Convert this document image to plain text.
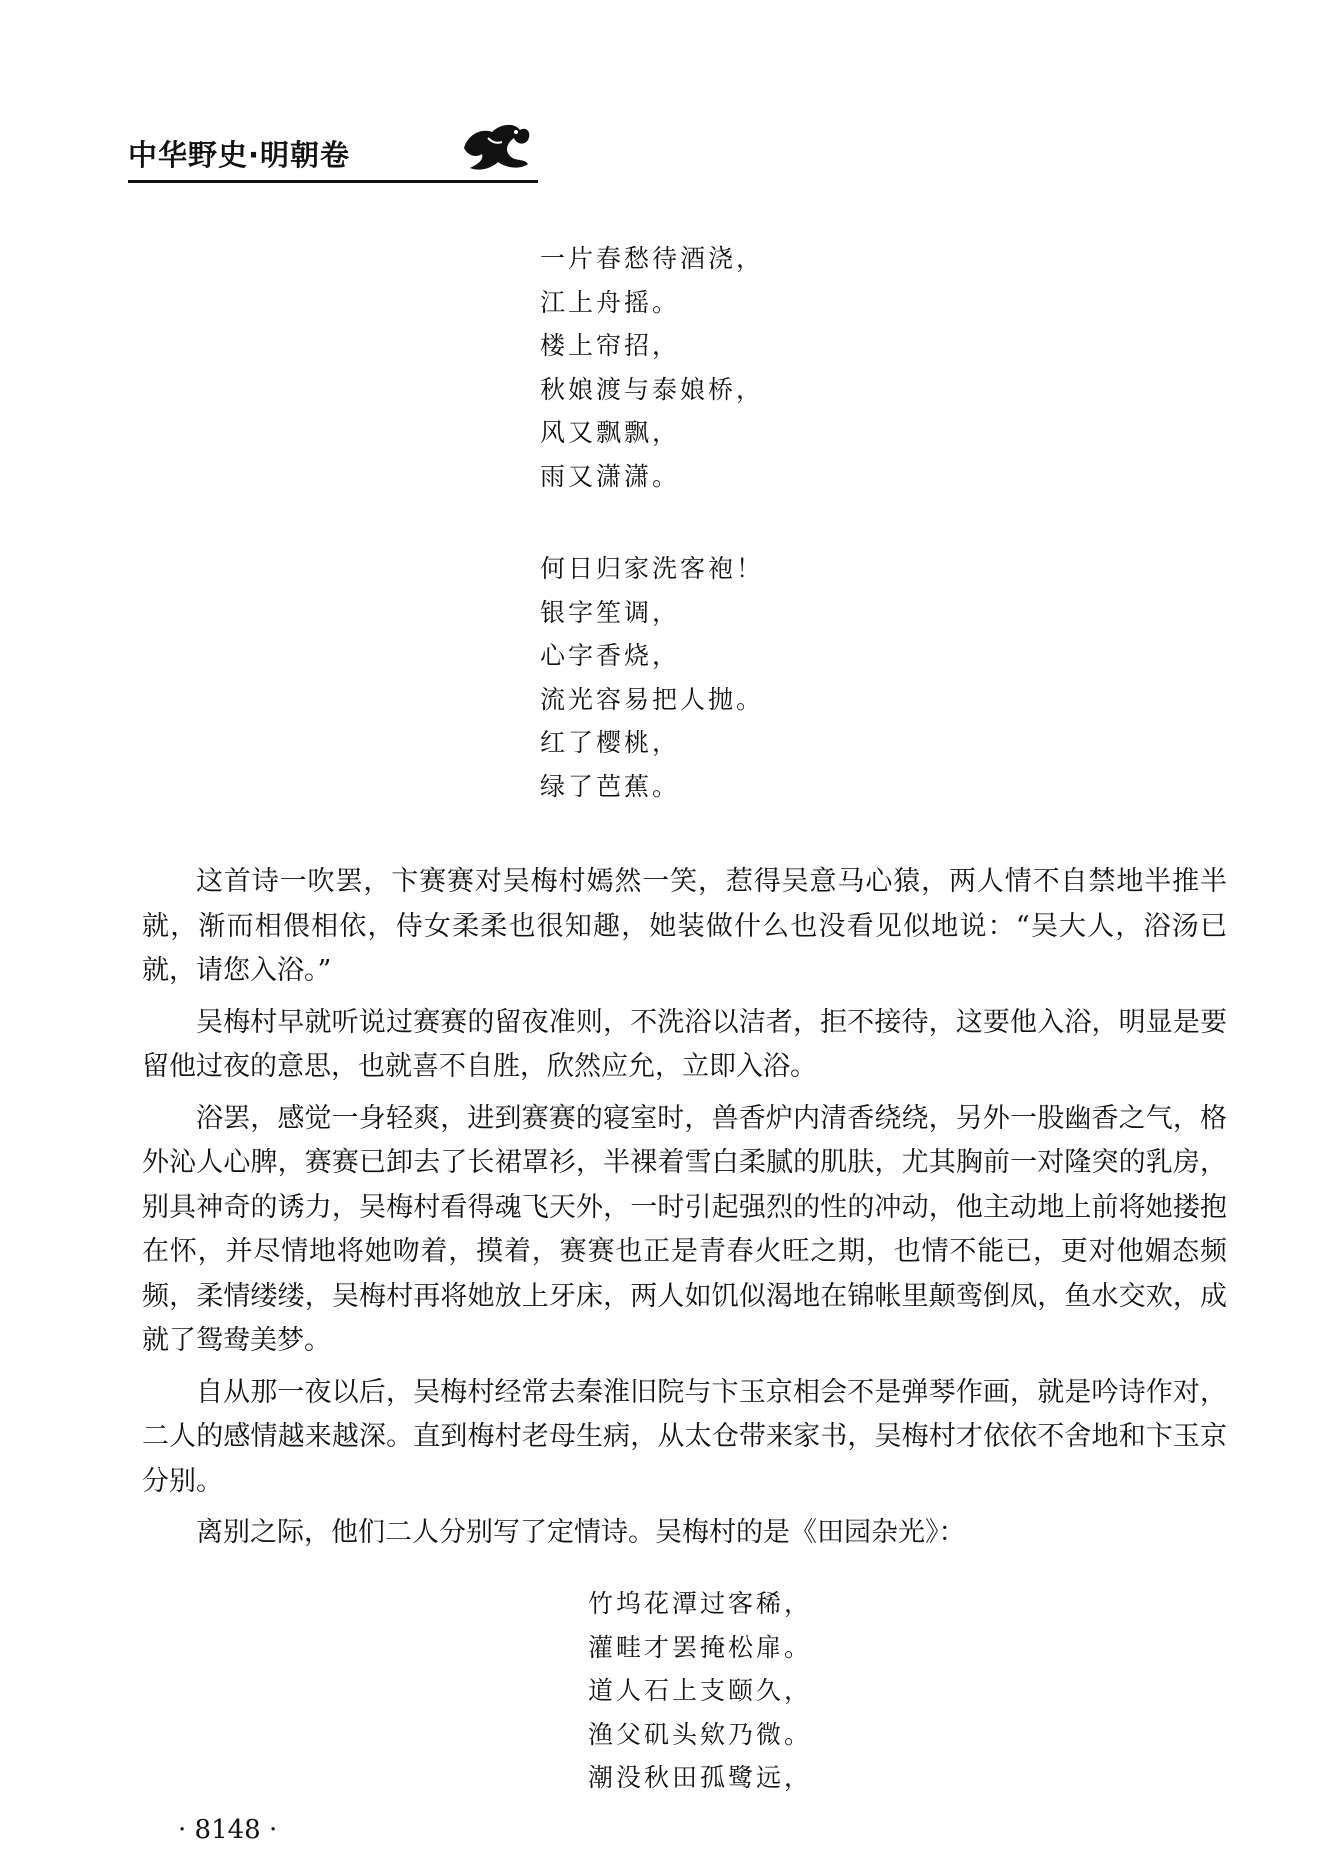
中华野史·明朝卷
一片春愁待酒浇，
江上舟摇。
楼上帘招，
秋娘渡与泰娘桥，
风又飘飘，
雨又潇潇。
何日归家洗客袍！
银字笙调，
心字香烧，
流光容易把人抛。
红了樱桃，
绿了芭蕉。

这首诗一吹罢，卞赛赛对吴梅村嫣然一笑，惹得吴意马心猿，两人情不自禁地半推半就，渐而相偎相依，侍女柔柔也很知趣，她装做什么也没看见似地说：“吴大人，浴汤已就，请您入浴。”

吴梅村早就听说过赛赛的留夜准则，不洗浴以洁者，拒不接待，这要他入浴，明显是要留他过夜的意思，也就喜不自胜，欣然应允，立即入浴。

浴罢，感觉一身轻爽，进到赛赛的寝室时，兽香炉内清香绕绕，另外一股幽香之气，格外沁人心脾，赛赛已卸去了长裙罩衫，半裸着雪白柔腻的肌肤，尤其胸前一对隆突的乳房，别具神奇的诱力，吴梅村看得魂飞天外，一时引起强烈的性的冲动，他主动地上前将她搂抱在怀，并尽情地将她吻着，摸着，赛赛也正是青春火旺之期，也情不能已，更对他媚态频频，柔情缕缕，吴梅村再将她放上牙床，两人如饥似渴地在锦帐里颠鸾倒凤，鱼水交欢，成就了鸳鸯美梦。

自从那一夜以后，吴梅村经常去秦淮旧院与卞玉京相会不是弹琴作画，就是吟诗作对，二人的感情越来越深。直到梅村老母生病，从太仓带来家书，吴梅村才依依不舍地和卞玉京分别。

离别之际，他们二人分别写了定情诗。吴梅村的是《田园杂光》：

竹坞花潭过客稀，
灌畦才罢掩松扉。
道人石上支颐久，
渔父矶头欸乃微。
潮没秋田孤鹭远，
· 8148 ·
